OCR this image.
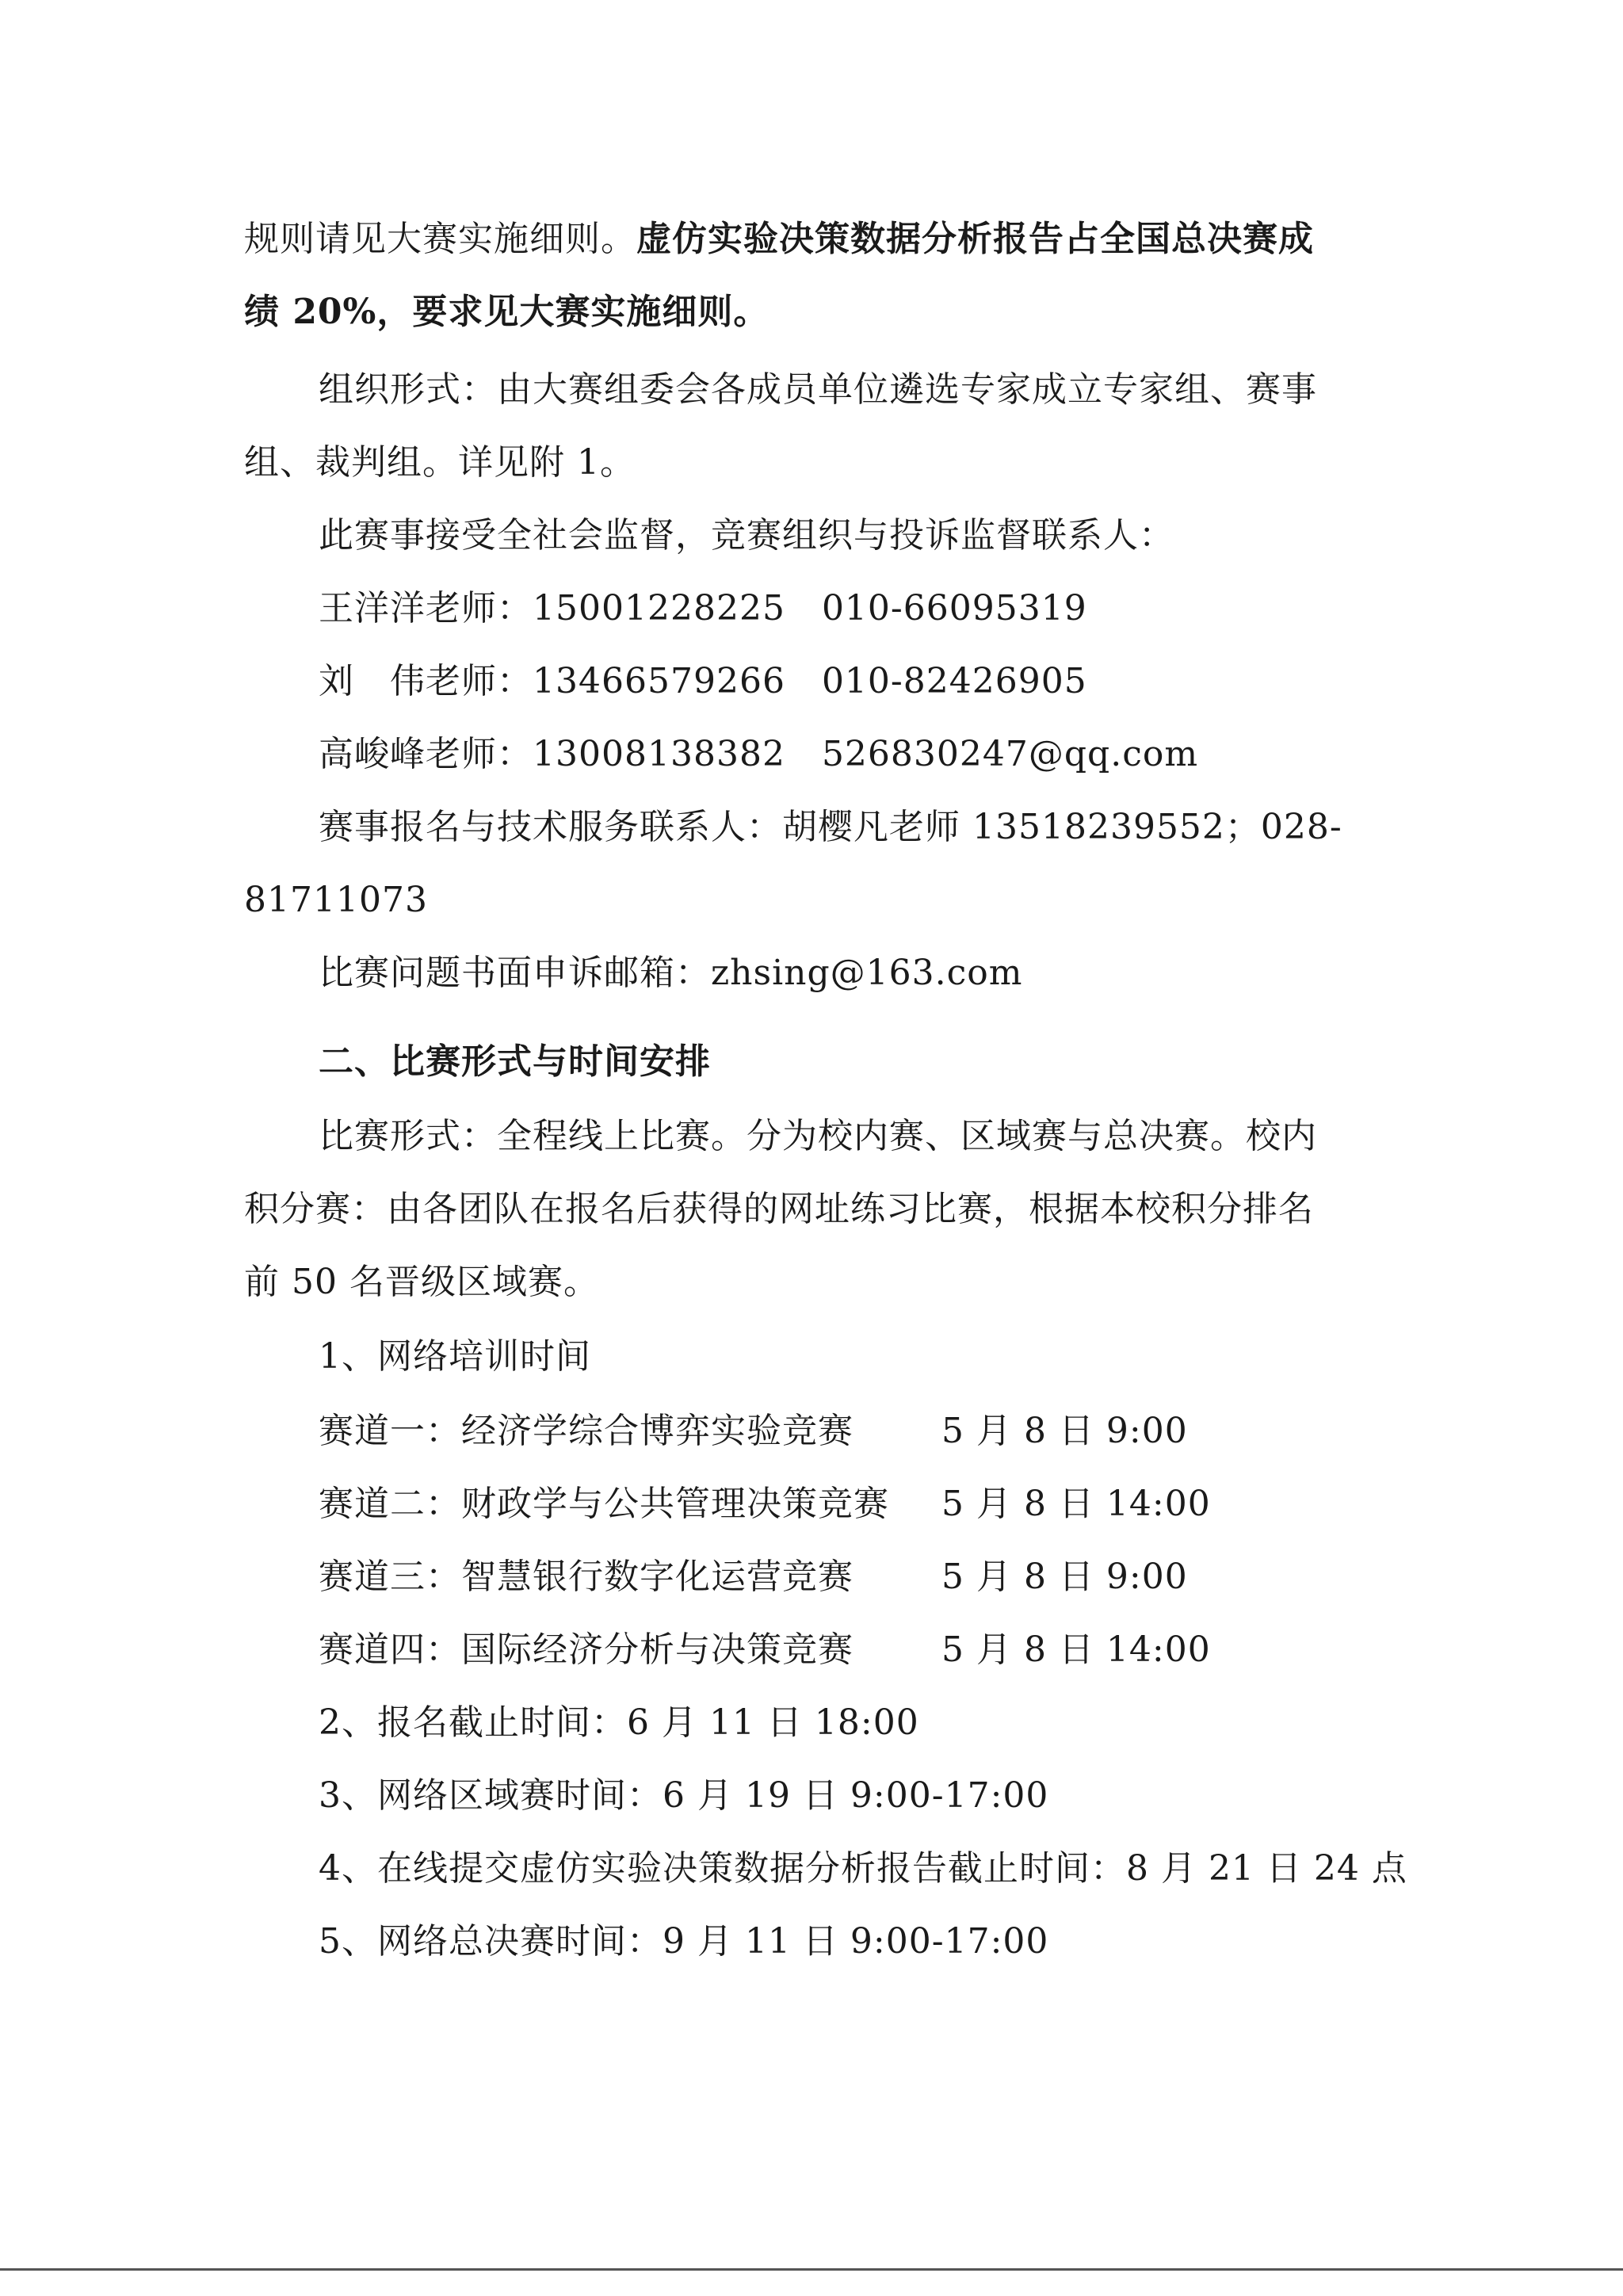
规则请见大赛实施细则。虚仿实验决策数据分析报告占全国总决赛成
绩 20%，要求见大赛实施细则。
组织形式：由大赛组委会各成员单位遴选专家成立专家组、赛事
组、裁判组。详见附 1。
此赛事接受全社会监督，竞赛组织与投诉监督联系人：
王洋洋老师：15001228225 010-66095319
刘　伟老师：13466579266 010-82426905
高峻峰老师：13008138382 526830247@qq.com
赛事报名与技术服务联系人：胡樱凡老师 13518239552；028-
81711073
比赛问题书面申诉邮箱：zhsing@163.com
二、比赛形式与时间安排
比赛形式：全程线上比赛。分为校内赛、区域赛与总决赛。校内
积分赛：由各团队在报名后获得的网址练习比赛，根据本校积分排名
前 50 名晋级区域赛。
1、网络培训时间
赛道一：经济学综合博弈实验竞赛	5 月 8 日 9:00
赛道二：财政学与公共管理决策竞赛 5 月 8 日 14:00
赛道三：智慧银行数字化运营竞赛	5 月 8 日 9:00
赛道四：国际经济分析与决策竞赛	5 月 8 日 14:00
2、报名截止时间：6 月 11 日 18:00
3、网络区域赛时间：6 月 19 日 9:00-17:00
4、在线提交虚仿实验决策数据分析报告截止时间：8 月 21 日 24 点
5、网络总决赛时间：9 月 11 日 9:00-17:00
